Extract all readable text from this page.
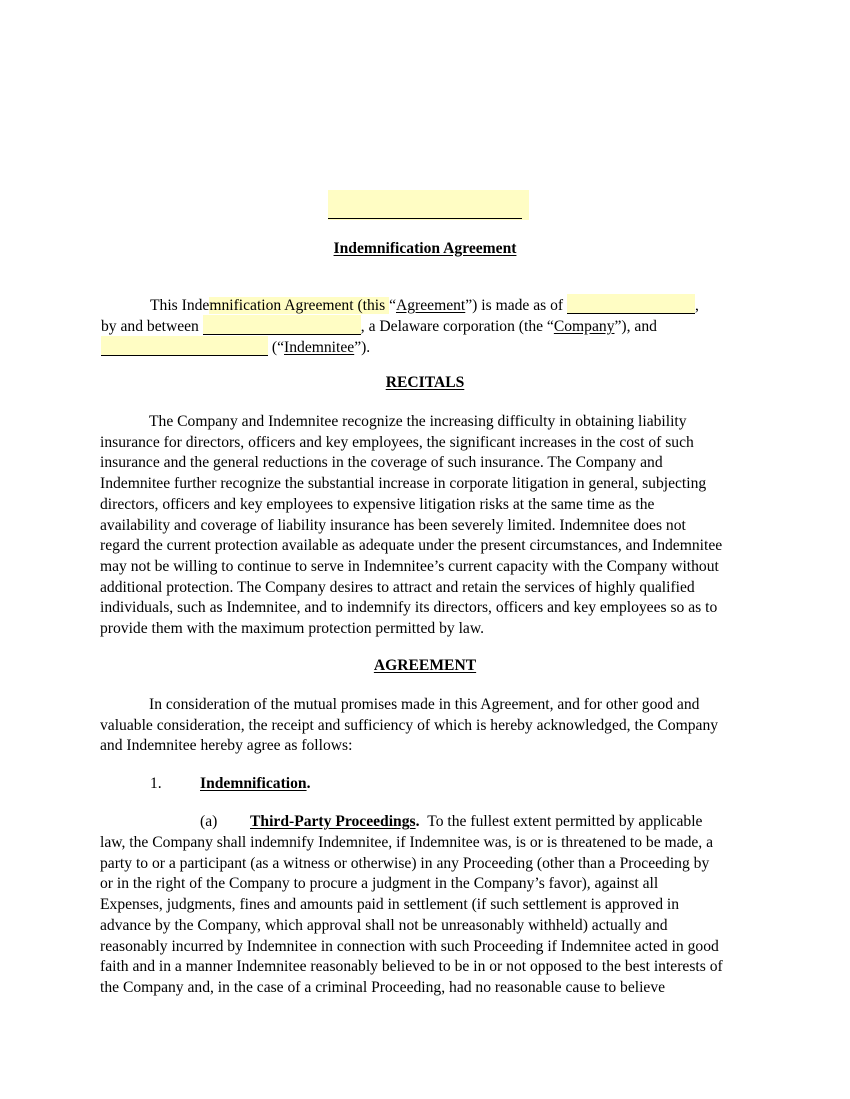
Indemnification Agreement
This Indemnification Agreement (this “Agreement”) is made as of	,
by and between	, a Delaware corporation (the “Company”), and
(“Indemnitee”).
RECITALS
The Company and Indemnitee recognize the increasing difficulty in obtaining liability
insurance for directors, officers and key employees, the significant increases in the cost of such
insurance and the general reductions in the coverage of such insurance. The Company and
Indemnitee further recognize the substantial increase in corporate litigation in general, subjecting
directors, officers and key employees to expensive litigation risks at the same time as the
availability and coverage of liability insurance has been severely limited. Indemnitee does not
regard the current protection available as adequate under the present circumstances, and Indemnitee
may not be willing to continue to serve in Indemnitee’s current capacity with the Company without
additional protection. The Company desires to attract and retain the services of highly qualified
individuals, such as Indemnitee, and to indemnify its directors, officers and key employees so as to
provide them with the maximum protection permitted by law.
AGREEMENT
In consideration of the mutual promises made in this Agreement, and for other good and
valuable consideration, the receipt and sufficiency of which is hereby acknowledged, the Company
and Indemnitee hereby agree as follows:
1. Indemnification.
(a) Third-Party Proceedings. To the fullest extent permitted by applicable
law, the Company shall indemnify Indemnitee, if Indemnitee was, is or is threatened to be made, a
party to or a participant (as a witness or otherwise) in any Proceeding (other than a Proceeding by
or in the right of the Company to procure a judgment in the Company’s favor), against all
Expenses, judgments, fines and amounts paid in settlement (if such settlement is approved in
advance by the Company, which approval shall not be unreasonably withheld) actually and
reasonably incurred by Indemnitee in connection with such Proceeding if Indemnitee acted in good
faith and in a manner Indemnitee reasonably believed to be in or not opposed to the best interests of
the Company and, in the case of a criminal Proceeding, had no reasonable cause to believe
